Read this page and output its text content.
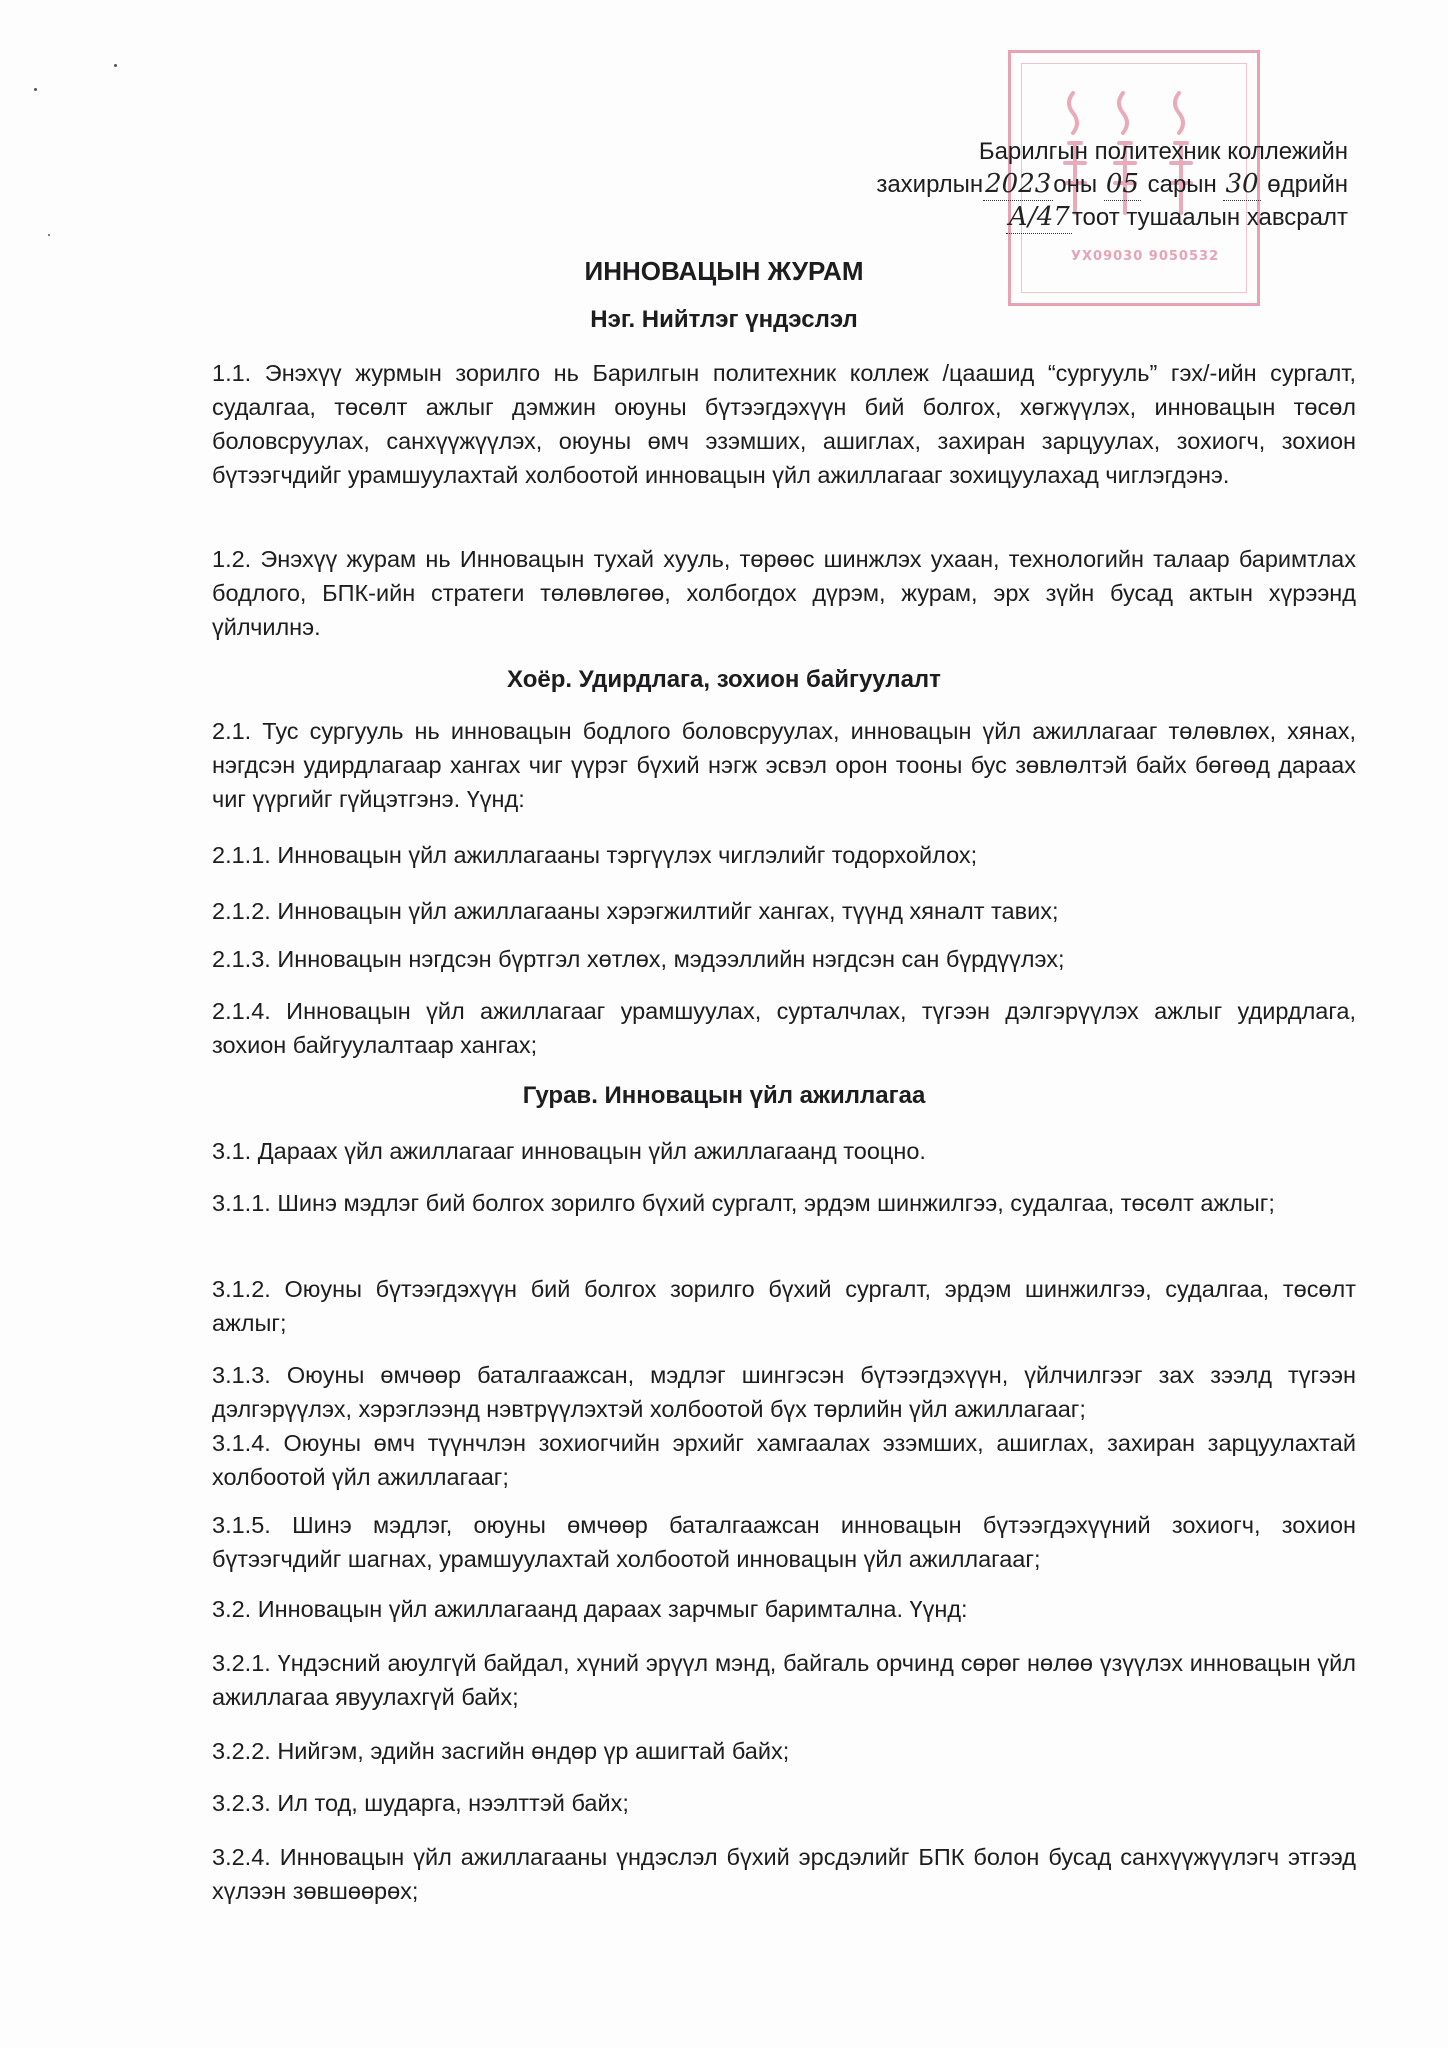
УХ09030 9050532
Барилгын политехник коллежийн
захирлын2023оны 05 сарын 30 өдрийн
А/47тоот тушаалын хавсралт
ИННОВАЦЫН ЖУРАМ
Нэг. Нийтлэг үндэслэл
1.1. Энэхүү журмын зорилго нь Барилгын политехник коллеж /цаашид “сургууль” гэх/-ийн сургалт, судалгаа, төсөлт ажлыг дэмжин оюуны бүтээгдэхүүн бий болгох, хөгжүүлэх, инновацын төсөл боловсруулах, санхүүжүүлэх, оюуны өмч эзэмших, ашиглах, захиран зарцуулах, зохиогч, зохион бүтээгчдийг урамшуулахтай холбоотой инновацын үйл ажиллагааг зохицуулахад чиглэгдэнэ.
1.2. Энэхүү журам нь Инновацын тухай хууль, төрөөс шинжлэх ухаан, технологийн талаар баримтлах бодлого, БПК-ийн стратеги төлөвлөгөө, холбогдох дүрэм, журам, эрх зүйн бусад актын хүрээнд үйлчилнэ.
Хоёр. Удирдлага, зохион байгуулалт
2.1. Тус сургууль нь инновацын бодлого боловсруулах, инновацын үйл ажиллагааг төлөвлөх, хянах, нэгдсэн удирдлагаар хангах чиг үүрэг бүхий нэгж эсвэл орон тооны бус зөвлөлтэй байх бөгөөд дараах чиг үүргийг гүйцэтгэнэ. Үүнд:
2.1.1. Инновацын үйл ажиллагааны тэргүүлэх чиглэлийг тодорхойлох;
2.1.2. Инновацын үйл ажиллагааны хэрэгжилтийг хангах, түүнд хяналт тавих;
2.1.3. Инновацын нэгдсэн бүртгэл хөтлөх, мэдээллийн нэгдсэн сан бүрдүүлэх;
2.1.4. Инновацын үйл ажиллагааг урамшуулах, сурталчлах, түгээн дэлгэрүүлэх ажлыг удирдлага, зохион байгуулалтаар хангах;
Гурав. Инновацын үйл ажиллагаа
3.1. Дараах үйл ажиллагааг инновацын үйл ажиллагаанд тооцно.
3.1.1. Шинэ мэдлэг бий болгох зорилго бүхий сургалт, эрдэм шинжилгээ, судалгаа, төсөлт ажлыг;
3.1.2. Оюуны бүтээгдэхүүн бий болгох зорилго бүхий сургалт, эрдэм шинжилгээ, судалгаа, төсөлт ажлыг;
3.1.3. Оюуны өмчөөр баталгаажсан, мэдлэг шингэсэн бүтээгдэхүүн, үйлчилгээг зах зээлд түгээн дэлгэрүүлэх, хэрэглээнд нэвтрүүлэхтэй холбоотой бүх төрлийн үйл ажиллагааг;
3.1.4. Оюуны өмч түүнчлэн зохиогчийн эрхийг хамгаалах эзэмших, ашиглах, захиран зарцуулахтай холбоотой үйл ажиллагааг;
3.1.5. Шинэ мэдлэг, оюуны өмчөөр баталгаажсан инновацын бүтээгдэхүүний зохиогч, зохион бүтээгчдийг шагнах, урамшуулахтай холбоотой инновацын үйл ажиллагааг;
3.2. Инновацын үйл ажиллагаанд дараах зарчмыг баримтална. Үүнд:
3.2.1. Үндэсний аюулгүй байдал, хүний эрүүл мэнд, байгаль орчинд сөрөг нөлөө үзүүлэх инновацын үйл ажиллагаа явуулахгүй байх;
3.2.2. Нийгэм, эдийн засгийн өндөр үр ашигтай байх;
3.2.3. Ил тод, шударга, нээлттэй байх;
3.2.4. Инновацын үйл ажиллагааны үндэслэл бүхий эрсдэлийг БПК болон бусад санхүүжүүлэгч этгээд хүлээн зөвшөөрөх;
